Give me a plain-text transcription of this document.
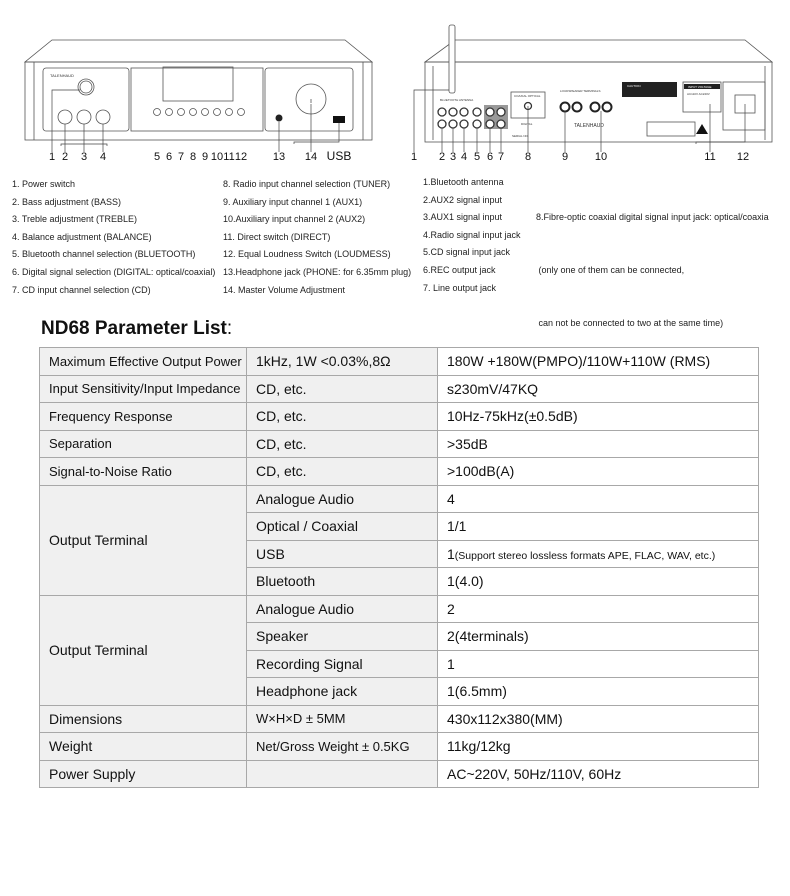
TALENHAUD
1 2 3 4	5 6 7 8 9 10 11 12 13 14 USB
BLUETOOTH ANTENNA
COAXIAL OPTICAL
DIGITAL
LOUDSPEAKER TERMINALS
CAUTION	INPUT VOLTAGE
AC110V AC220V
SERIAL NO.
TALENHAUD
1 2 3 4 5 6 7 8	9 10	11 12
1. Power switch
2. Bass adjustment (BASS)
3. Treble adjustment (TREBLE)
4. Balance adjustment (BALANCE)
5. Bluetooth channel selection (BLUETOOTH)
6. Digital signal selection (DIGITAL: optical/coaxial)
7. CD input channel selection (CD)
8. Radio input channel selection (TUNER)
9. Auxiliary input channel 1 (AUX1)
10.Auxiliary input channel 2 (AUX2)
11. Direct switch (DIRECT)
12. Equal Loudness Switch (LOUDMESS)
13.Headphone jack (PHONE: for 6.35mm plug)
14. Master Volume Adjustment
1.Bluetooth antenna
2.AUX2 signal input
3.AUX1 signal input
4.Radio signal input jack
5.CD signal input jack
6.REC output jack
7. Line output jack

8.Fibre-optic coaxial digital signal input jack: optical/coaxia

(only one of them can be connected,

can not be connected to two at the same time)

ND68 Parameter List:
Maximum Effective Output Power	1kHz, 1W <0.03%,8Ω	180W +180W(PMPO)/110W+110W (RMS)
Input Sensitivity/Input Impedance	CD, etc.	s230mV/47KQ
Frequency Response	CD, etc.	10Hz-75kHz(±0.5dB)
Separation	CD, etc.	>35dB
Signal-to-Noise Ratio	CD, etc.	>100dB(A)
Output Terminal	Analogue Audio	4
	Optical / Coaxial	1/1
	USB	1(Support stereo lossless formats APE, FLAC, WAV, etc.)
	Bluetooth	1(4.0)
Output Terminal	Analogue Audio	2
	Speaker	2(4terminals)
	Recording Signal	1
	Headphone jack	1(6.5mm)
Dimensions	W×H×D ± 5MM	430x112x380(MM)
Weight	Net/Gross Weight ± 0.5KG	11kg/12kg
Power Supply		AC~220V, 50Hz/110V, 60Hz
